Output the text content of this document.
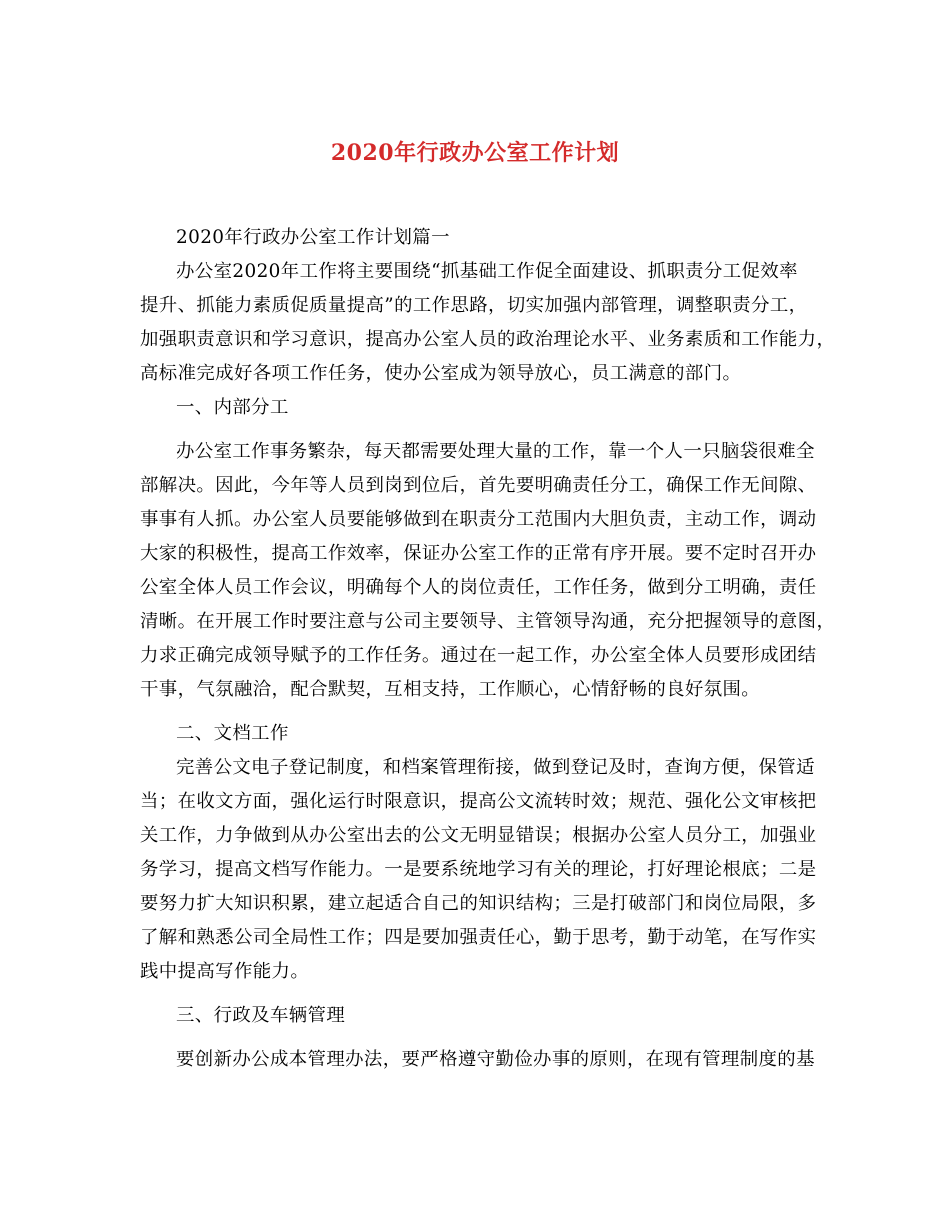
2020年行政办公室工作计划
2020年行政办公室工作计划篇一
办公室2020年工作将主要围绕“抓基础工作促全面建设、抓职责分工促效率
提升、抓能力素质促质量提高”的工作思路，切实加强内部管理，调整职责分工，
加强职责意识和学习意识，提高办公室人员的政治理论水平、业务素质和工作能力，
高标准完成好各项工作任务，使办公室成为领导放心，员工满意的部门。
一、内部分工
办公室工作事务繁杂，每天都需要处理大量的工作，靠一个人一只脑袋很难全
部解决。因此，今年等人员到岗到位后，首先要明确责任分工，确保工作无间隙、
事事有人抓。办公室人员要能够做到在职责分工范围内大胆负责，主动工作，调动
大家的积极性，提高工作效率，保证办公室工作的正常有序开展。要不定时召开办
公室全体人员工作会议，明确每个人的岗位责任，工作任务，做到分工明确，责任
清晰。在开展工作时要注意与公司主要领导、主管领导沟通，充分把握领导的意图，
力求正确完成领导赋予的工作任务。通过在一起工作，办公室全体人员要形成团结
干事，气氛融洽，配合默契，互相支持，工作顺心，心情舒畅的良好氛围。
二、文档工作
完善公文电子登记制度，和档案管理衔接，做到登记及时，查询方便，保管适
当；在收文方面，强化运行时限意识，提高公文流转时效；规范、强化公文审核把
关工作，力争做到从办公室出去的公文无明显错误；根据办公室人员分工，加强业
务学习，提高文档写作能力。一是要系统地学习有关的理论，打好理论根底；二是
要努力扩大知识积累，建立起适合自己的知识结构；三是打破部门和岗位局限，多
了解和熟悉公司全局性工作；四是要加强责任心，勤于思考，勤于动笔，在写作实
践中提高写作能力。
三、行政及车辆管理
要创新办公成本管理办法，要严格遵守勤俭办事的原则，在现有管理制度的基
